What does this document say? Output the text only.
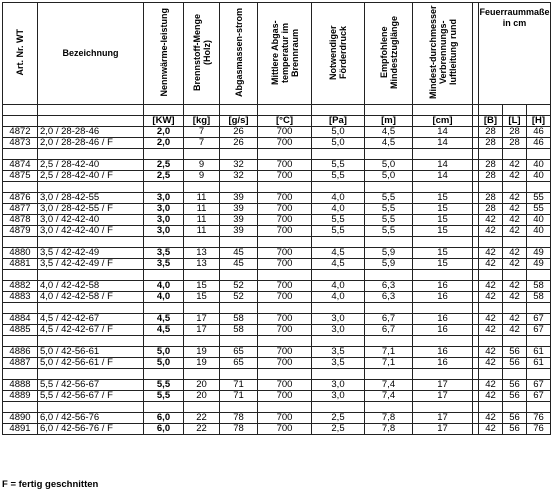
Art. Nr. WT	Bezeichnung	Nennwärme-leistung	Brennstoff-Menge (Holz)	Abgasmassen-strom	Mittlere Abgas-temperatur im Brennraum	Notwendiger Förderdruck	Empfohlene Mindestzuglänge	Mindest-durchmesser Verbrennungs-luftleitung rund		Feuerraummaße in cm		

		[KW]	[kg]	[g/s]	[°C]	[Pa]	[m]	[cm]		[B]	[L]	[H]
4872	2,0 / 28-28-46	2,0	7	26	700	5,0	4,5	14		28	28	46
4873	2,0 / 28-28-46 / F	2,0	7	26	700	5,0	4,5	14		28	28	46

4874	2,5 / 28-42-40	2,5	9	32	700	5,5	5,0	14		28	42	40
4875	2,5 / 28-42-40 / F	2,5	9	32	700	5,5	5,0	14		28	42	40

4876	3,0 / 28-42-55	3,0	11	39	700	4,0	5,5	15		28	42	55
4877	3,0 / 28-42-55 / F	3,0	11	39	700	4,0	5,5	15		28	42	55
4878	3,0 / 42-42-40	3,0	11	39	700	5,5	5,5	15		42	42	40
4879	3,0 / 42-42-40 / F	3,0	11	39	700	5,5	5,5	15		42	42	40

4880	3,5 / 42-42-49	3,5	13	45	700	4,5	5,9	15		42	42	49
4881	3,5 / 42-42-49 / F	3,5	13	45	700	4,5	5,9	15		42	42	49

4882	4,0 / 42-42-58	4,0	15	52	700	4,0	6,3	16		42	42	58
4883	4,0 / 42-42-58 / F	4,0	15	52	700	4,0	6,3	16		42	42	58

4884	4,5 / 42-42-67	4,5	17	58	700	3,0	6,7	16		42	42	67
4885	4,5 / 42-42-67 / F	4,5	17	58	700	3,0	6,7	16		42	42	67

4886	5,0 / 42-56-61	5,0	19	65	700	3,5	7,1	16		42	56	61
4887	5,0 / 42-56-61 / F	5,0	19	65	700	3,5	7,1	16		42	56	61

4888	5,5 / 42-56-67	5,5	20	71	700	3,0	7,4	17		42	56	67
4889	5,5 / 42-56-67 / F	5,5	20	71	700	3,0	7,4	17		42	56	67

4890	6,0 / 42-56-76	6,0	22	78	700	2,5	7,8	17		42	56	76
4891	6,0 / 42-56-76 / F	6,0	22	78	700	2,5	7,8	17		42	56	76
F = fertig geschnitten
